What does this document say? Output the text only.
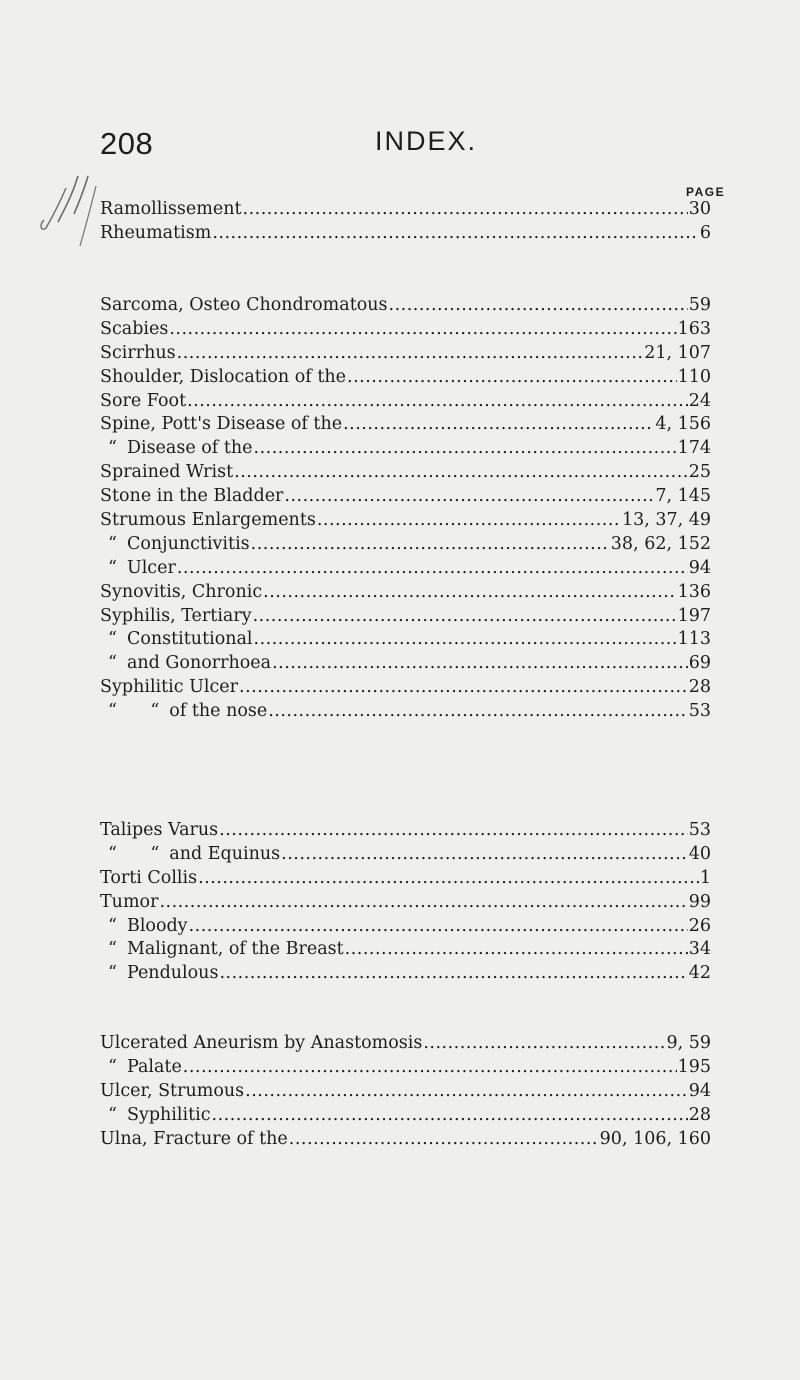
208	INDEX.
PAGE
Ramollissement .....	30
Rheumatism .....	6
Sarcoma, Osteo Chondromatous .....	59
Scabies .....	163
Scirrhus .....	21, 107
Shoulder, Dislocation of the .....	110
Sore Foot .....	24
Spine, Pott's Disease of the .....	4, 156
“ Disease of the .....	174
Sprained Wrist .....	25
Stone in the Bladder .....	7, 145
Strumous Enlargements .....	13, 37, 49
“ Conjunctivitis .....	38, 62, 152
“ Ulcer .....	94
Synovitis, Chronic .....	136
Syphilis, Tertiary .....	197
“ Constitutional .....	113
“ and Gonorrhoea .....	69
Syphilitic Ulcer .....	28
“      “ of the nose .....	53
Talipes Varus .....	53
“      “ and Equinus .....	40
Torti Collis .....	1
Tumor .....	99
“ Bloody .....	26
“ Malignant, of the Breast .....	34
“ Pendulous .....	42
Ulcerated Aneurism by Anastomosis .....	9, 59
“ Palate .....	195
Ulcer, Strumous .....	94
“ Syphilitic .....	28
Ulna, Fracture of the .....	90, 106, 160
